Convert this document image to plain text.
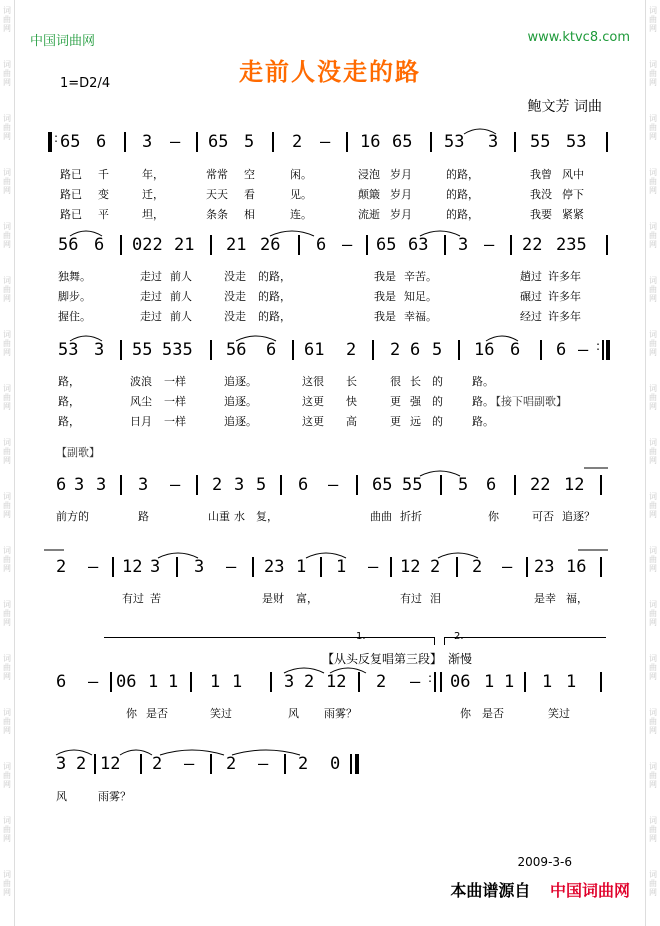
词
曲
网
词
曲
网
词
曲
网
词
曲
网
词
曲
网
词
曲
网
词
曲
网
词
曲
网
词
曲
网
词
曲
网
词
曲
网
词
曲
网
词
曲
网
词
曲
网
词
曲
网
词
曲
网
词
曲
网
词
曲
网
词
曲
网
词
曲
网
词
曲
网
词
曲
网
词
曲
网
词
曲
网
词
曲
网
词
曲
网
词
曲
网
词
曲
网
词
曲
网
词
曲
网
词
曲
网
词
曲
网
词
曲
网
词
曲
网
中国词曲网	www.ktvc8.com
走前人没走的路
1=D2/4
鲍文芳 词曲
: 65 6 3 – 65 5 2 – 16 65 53 3 55 53
路已 千	年，	常常 空	闲。	浸泡 岁月	的路，	我曾 风中
路已 变	迁，	天天 看	见。	颠簸 岁月	的路，	我没 停下
路已 平	坦，	条条 相	连。	流逝 岁月	的路，	我要 紧紧
56 6 022 21 21 26 6 – 65 63 3 – 22 235
独舞。	走过 前人	没走 的路，	我是 辛苦。	趟过 许多年
脚步。	走过 前人	没走 的路，	我是 知足。	碾过 许多年
握住。	走过 前人	没走 的路，	我是 幸福。	经过 许多年
53 3 55 535 56 6 61 2 2 6 5 16 6 6 – :
路，	波浪 一样	追逐。	这很 长	很 长 的	路。
路，	风尘 一样	追逐。	这更 快	更 强 的	路。
【接下唱副歌】
路，	日月 一样	追逐。	这更 高	更 远 的	路。
【副歌】
6 3 3 3 – 2 3 5 6 – 65 55 5 6 22 12
前方的	路	山重 水 复，	曲曲 折折	你	可否 追逐？
2 – 12 3 3 – 23 1 1 – 12 2 2 – 23 16
有过 苦	是财 富，	有过 泪	是幸 福，
1.	2.
【从头反复唱第三段】 渐慢
6 – 06 1 1 1 1 3 2 12 2 – : 06 1 1 1 1
你 是否	笑过	风 雨雾？	你 是否	笑过
3 2 12 2 – 2 – 2 0
风	雨雾？
2009-3-6
本曲谱源自 中国词曲网
